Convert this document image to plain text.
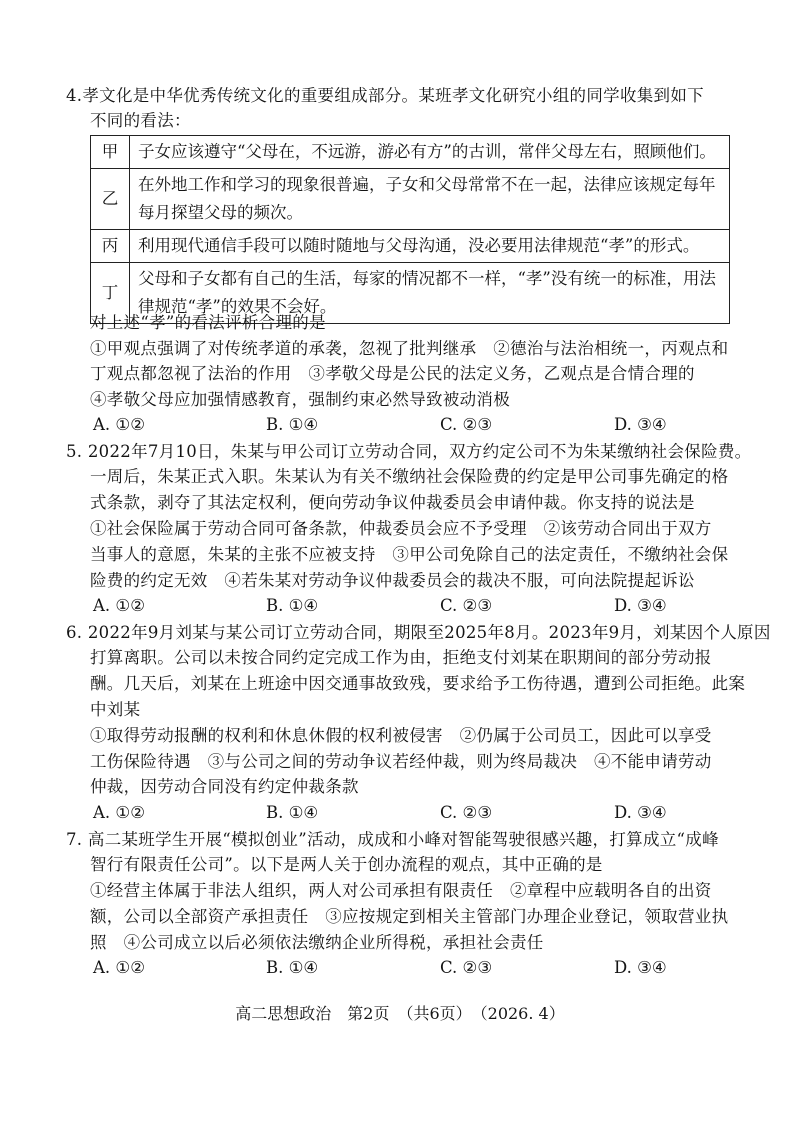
4.孝文化是中华优秀传统文化的重要组成部分。某班孝文化研究小组的同学收集到如下
不同的看法：
甲	子女应该遵守“父母在，不远游，游必有方”的古训，常伴父母左右，照顾他们。
乙	在外地工作和学习的现象很普遍，子女和父母常常不在一起，法律应该规定每年
每月探望父母的频次。
丙	利用现代通信手段可以随时随地与父母沟通，没必要用法律规范“孝”的形式。
丁	父母和子女都有自己的生活，每家的情况都不一样，“孝”没有统一的标准，用法
律规范“孝”的效果不会好。
对上述“孝”的看法评析合理的是
①甲观点强调了对传统孝道的承袭，忽视了批判继承　②德治与法治相统一，丙观点和
丁观点都忽视了法治的作用　③孝敬父母是公民的法定义务，乙观点是合情合理的
④孝敬父母应加强情感教育，强制约束必然导致被动消极
A. ①②	B. ①④	C. ②③	D. ③④
5. 2022年7月10日，朱某与甲公司订立劳动合同，双方约定公司不为朱某缴纳社会保险费。
一周后，朱某正式入职。朱某认为有关不缴纳社会保险费的约定是甲公司事先确定的格
式条款，剥夺了其法定权利，便向劳动争议仲裁委员会申请仲裁。你支持的说法是
①社会保险属于劳动合同可备条款，仲裁委员会应不予受理　②该劳动合同出于双方
当事人的意愿，朱某的主张不应被支持　③甲公司免除自己的法定责任，不缴纳社会保
险费的约定无效　④若朱某对劳动争议仲裁委员会的裁决不服，可向法院提起诉讼
A. ①②	B. ①④	C. ②③	D. ③④
6. 2022年9月刘某与某公司订立劳动合同，期限至2025年8月。2023年9月，刘某因个人原因
打算离职。公司以未按合同约定完成工作为由，拒绝支付刘某在职期间的部分劳动报
酬。几天后，刘某在上班途中因交通事故致残，要求给予工伤待遇，遭到公司拒绝。此案
中刘某
①取得劳动报酬的权利和休息休假的权利被侵害　②仍属于公司员工，因此可以享受
工伤保险待遇　③与公司之间的劳动争议若经仲裁，则为终局裁决　④不能申请劳动
仲裁，因劳动合同没有约定仲裁条款
A. ①②	B. ①④	C. ②③	D. ③④
7. 高二某班学生开展“模拟创业”活动，成成和小峰对智能驾驶很感兴趣，打算成立“成峰
智行有限责任公司”。以下是两人关于创办流程的观点，其中正确的是
①经营主体属于非法人组织，两人对公司承担有限责任　②章程中应载明各自的出资
额，公司以全部资产承担责任　③应按规定到相关主管部门办理企业登记，领取营业执
照　④公司成立以后必须依法缴纳企业所得税，承担社会责任
A. ①②	B. ①④	C. ②③	D. ③④
高二思想政治　第2页　（共6页）　（2026. 4）
